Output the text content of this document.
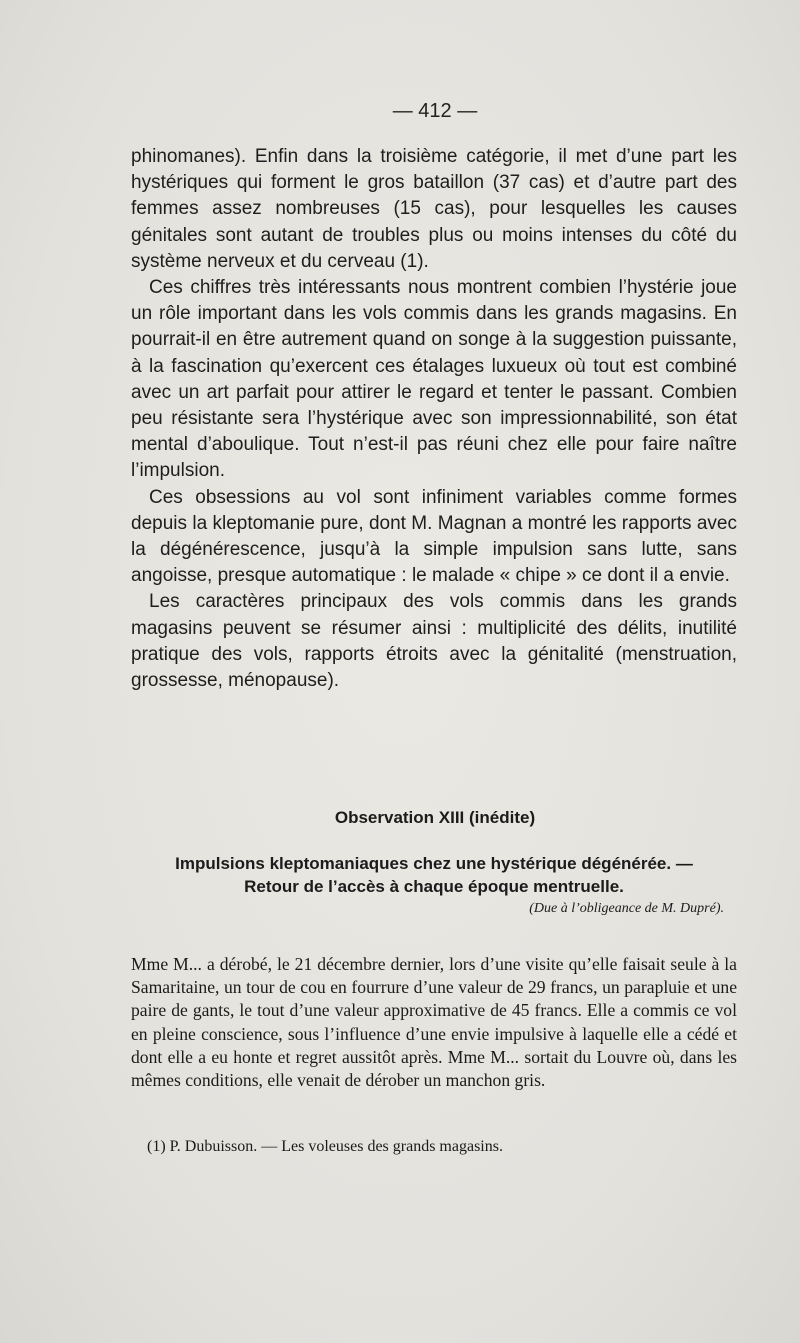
— 412 —

phinomanes). Enfin dans la troisième catégorie, il met d’une part les hystériques qui forment le gros bataillon (37 cas) et d’autre part des femmes assez nombreuses (15 cas), pour lesquelles les causes génitales sont autant de troubles plus ou moins intenses du côté du système nerveux et du cerveau (1).

Ces chiffres très intéressants nous montrent combien l’hystérie joue un rôle important dans les vols commis dans les grands magasins. En pourrait-il en être autrement quand on songe à la suggestion puissante, à la fascination qu’exercent ces étalages luxueux où tout est combiné avec un art parfait pour attirer le regard et tenter le passant. Combien peu résistante sera l’hystérique avec son impressionnabilité, son état mental d’aboulique. Tout n’est-il pas réuni chez elle pour faire naître l’impulsion.

Ces obsessions au vol sont infiniment variables comme formes depuis la kleptomanie pure, dont M. Magnan a montré les rapports avec la dégénérescence, jusqu’à la simple impulsion sans lutte, sans angoisse, presque automatique : le malade « chipe » ce dont il a envie.

Les caractères principaux des vols commis dans les grands magasins peuvent se résumer ainsi : multiplicité des délits, inutilité pratique des vols, rapports étroits avec la génitalité (menstruation, grossesse, ménopause).

Observation XIII (inédite)
Impulsions kleptomaniaques chez une hystérique dégénérée. —
Retour de l’accès à chaque époque mentruelle.
(Due à l’obligeance de M. Dupré).

Mme M... a dérobé, le 21 décembre dernier, lors d’une visite qu’elle faisait seule à la Samaritaine, un tour de cou en fourrure d’une valeur de 29 francs, un parapluie et une paire de gants, le tout d’une valeur approximative de 45 francs. Elle a commis ce vol en pleine conscience, sous l’influence d’une envie impulsive à laquelle elle a cédé et dont elle a eu honte et regret aussitôt après. Mme M... sortait du Louvre où, dans les mêmes conditions, elle venait de dérober un manchon gris.

(1) P. Dubuisson. — Les voleuses des grands magasins.
